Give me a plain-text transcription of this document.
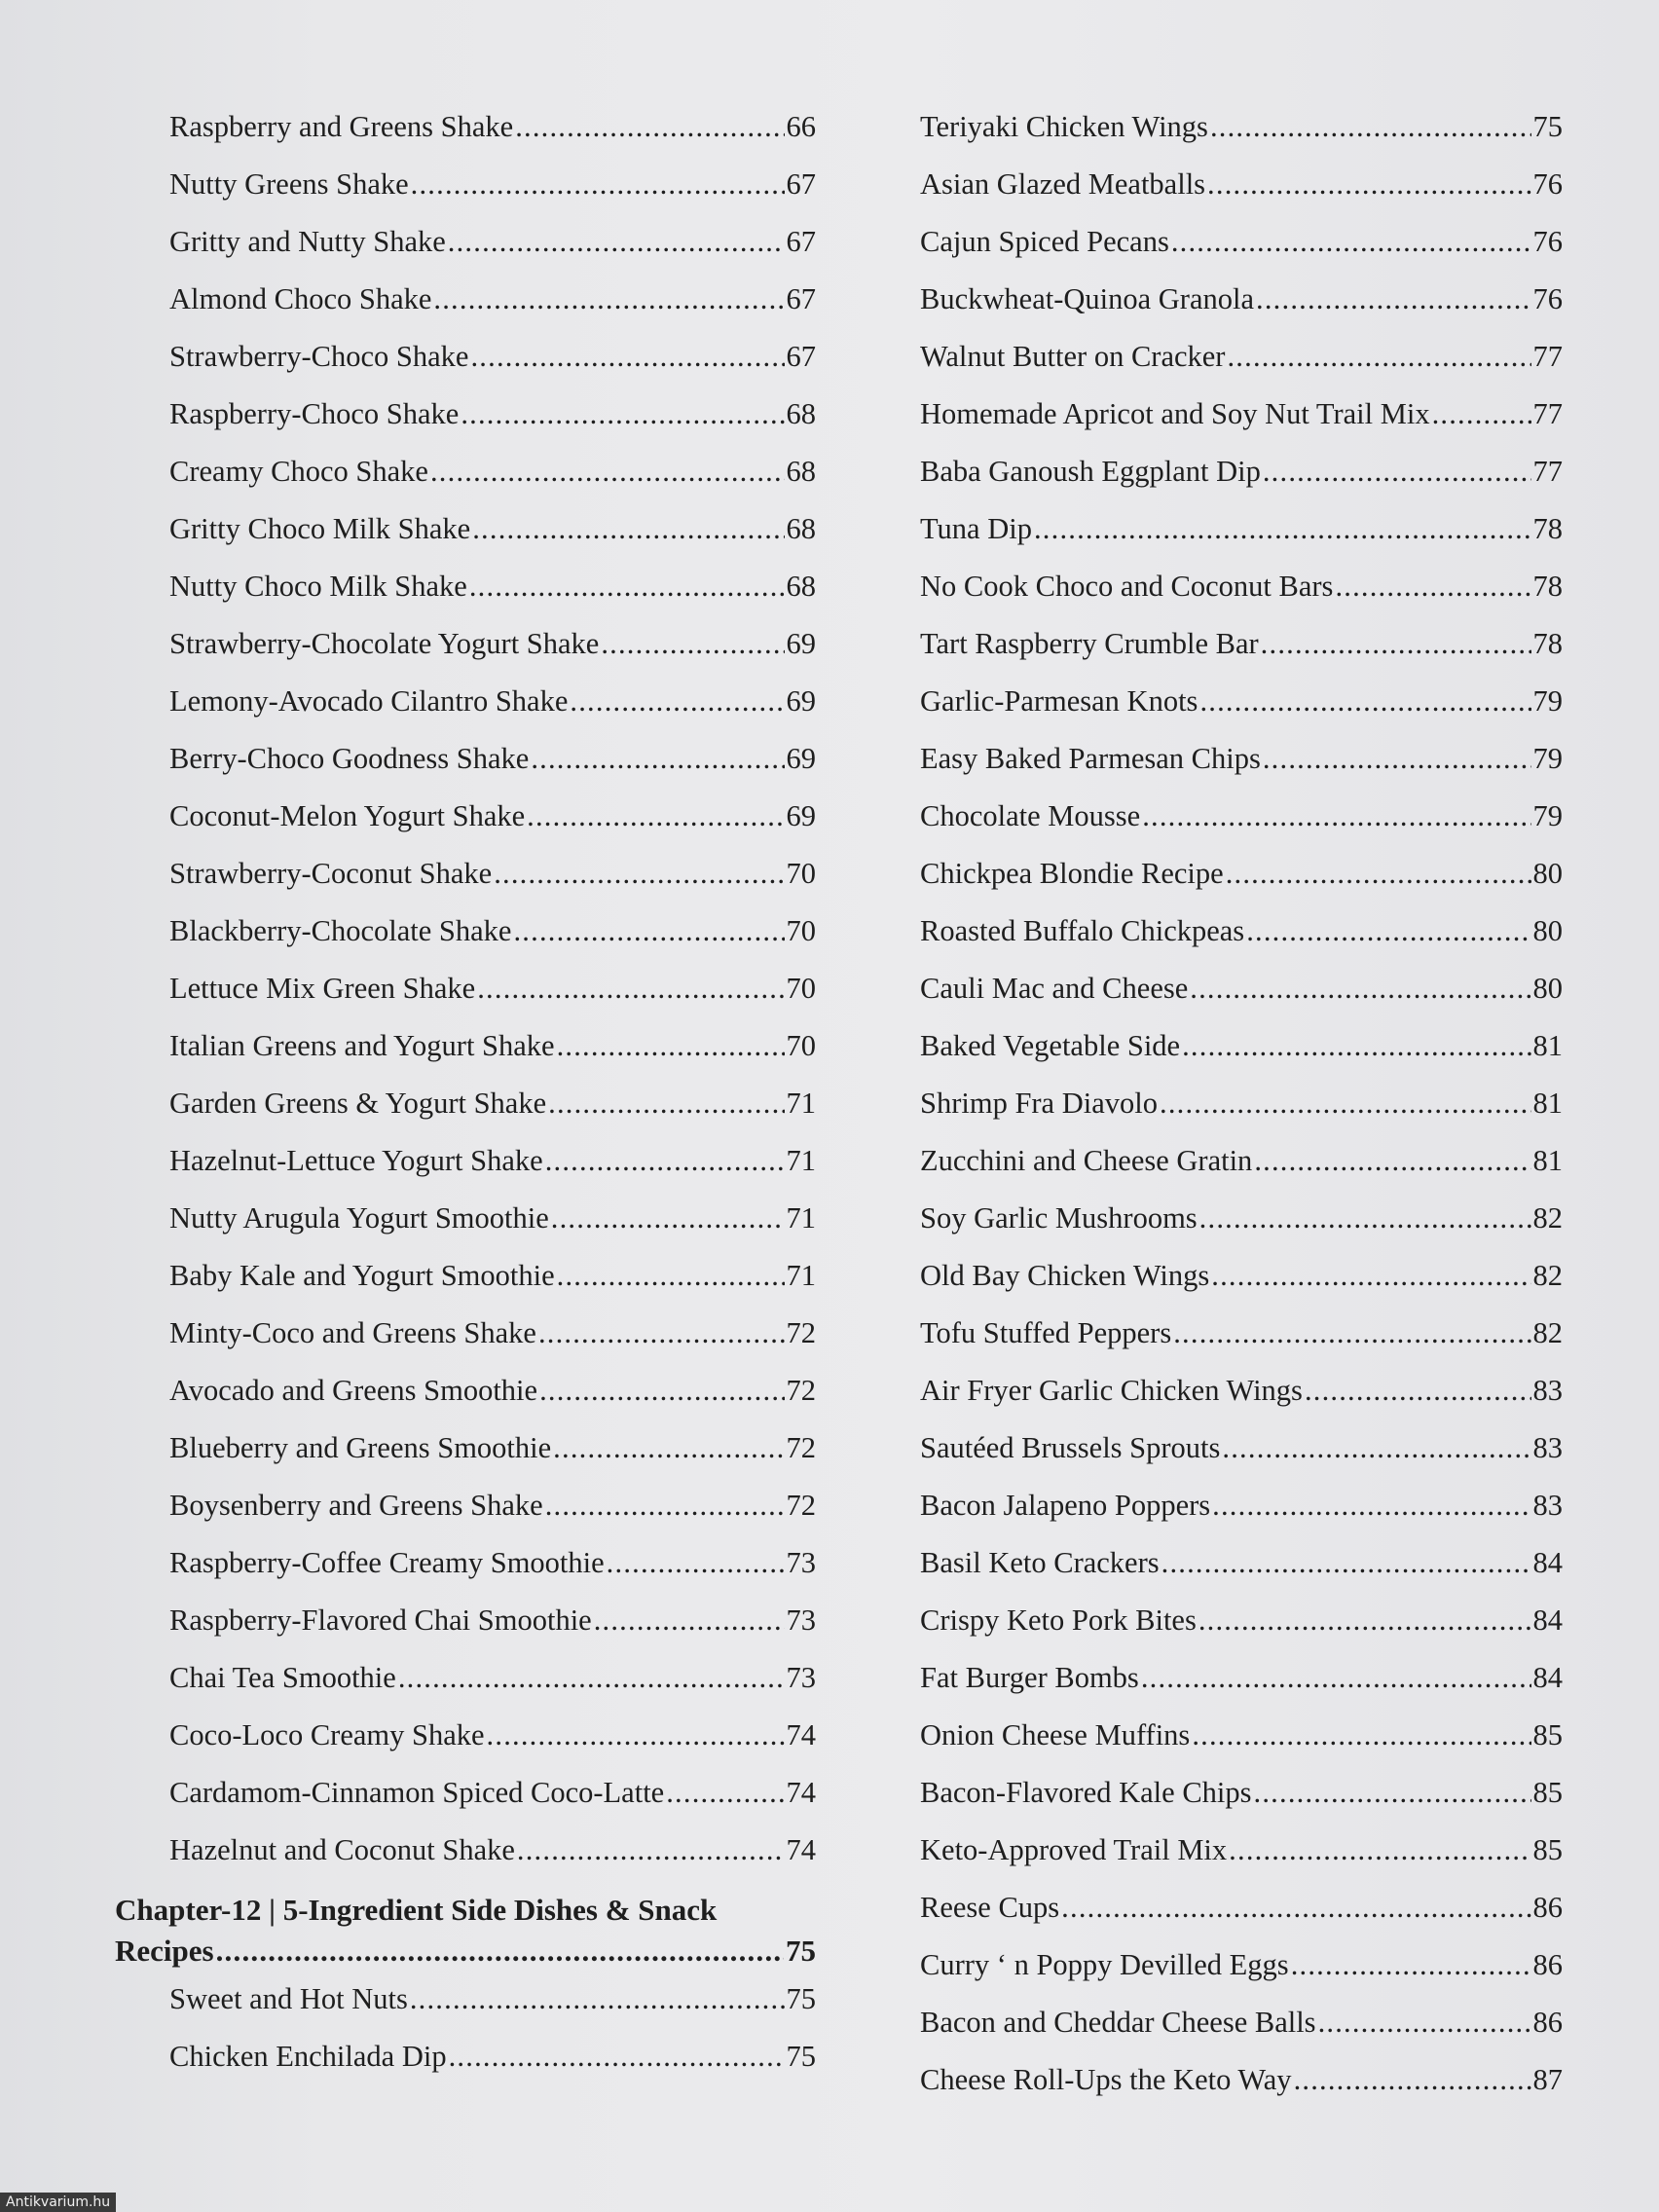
Raspberry and Greens Shake .....	66
Nutty Greens Shake .....	67
Gritty and Nutty Shake .....	67
Almond Choco Shake .....	67
Strawberry-Choco Shake .....	67
Raspberry-Choco Shake .....	68
Creamy Choco Shake .....	68
Gritty Choco Milk Shake .....	68
Nutty Choco Milk Shake .....	68
Strawberry-Chocolate Yogurt Shake .....	69
Lemony-Avocado Cilantro Shake .....	69
Berry-Choco Goodness Shake .....	69
Coconut-Melon Yogurt Shake .....	69
Strawberry-Coconut Shake .....	70
Blackberry-Chocolate Shake .....	70
Lettuce Mix Green Shake .....	70
Italian Greens and Yogurt Shake .....	70
Garden Greens & Yogurt Shake .....	71
Hazelnut-Lettuce Yogurt Shake .....	71
Nutty Arugula Yogurt Smoothie .....	71
Baby Kale and Yogurt Smoothie .....	71
Minty-Coco and Greens Shake .....	72
Avocado and Greens Smoothie .....	72
Blueberry and Greens Smoothie .....	72
Boysenberry and Greens Shake .....	72
Raspberry-Coffee Creamy Smoothie .....	73
Raspberry-Flavored Chai Smoothie .....	73
Chai Tea Smoothie .....	73
Coco-Loco Creamy Shake .....	74
Cardamom-Cinnamon Spiced Coco-Latte .....	74
Hazelnut and Coconut Shake .....	74
Chapter-12 | 5-Ingredient Side Dishes & Snack
Recipes .....	75
Sweet and Hot Nuts .....	75
Chicken Enchilada Dip .....	75
Teriyaki Chicken Wings .....	75
Asian Glazed Meatballs .....	76
Cajun Spiced Pecans .....	76
Buckwheat-Quinoa Granola .....	76
Walnut Butter on Cracker .....	77
Homemade Apricot and Soy Nut Trail Mix .....	77
Baba Ganoush Eggplant Dip .....	77
Tuna Dip .....	78
No Cook Choco and Coconut Bars .....	78
Tart Raspberry Crumble Bar .....	78
Garlic-Parmesan Knots .....	79
Easy Baked Parmesan Chips .....	79
Chocolate Mousse .....	79
Chickpea Blondie Recipe .....	80
Roasted Buffalo Chickpeas .....	80
Cauli Mac and Cheese .....	80
Baked Vegetable Side .....	81
Shrimp Fra Diavolo .....	81
Zucchini and Cheese Gratin .....	81
Soy Garlic Mushrooms .....	82
Old Bay Chicken Wings .....	82
Tofu Stuffed Peppers .....	82
Air Fryer Garlic Chicken Wings .....	83
Sautéed Brussels Sprouts .....	83
Bacon Jalapeno Poppers .....	83
Basil Keto Crackers .....	84
Crispy Keto Pork Bites .....	84
Fat Burger Bombs .....	84
Onion Cheese Muffins .....	85
Bacon-Flavored Kale Chips .....	85
Keto-Approved Trail Mix .....	85
Reese Cups .....	86
Curry ‘ n Poppy Devilled Eggs .....	86
Bacon and Cheddar Cheese Balls .....	86
Cheese Roll-Ups the Keto Way .....	87
Antikvarium.hu
